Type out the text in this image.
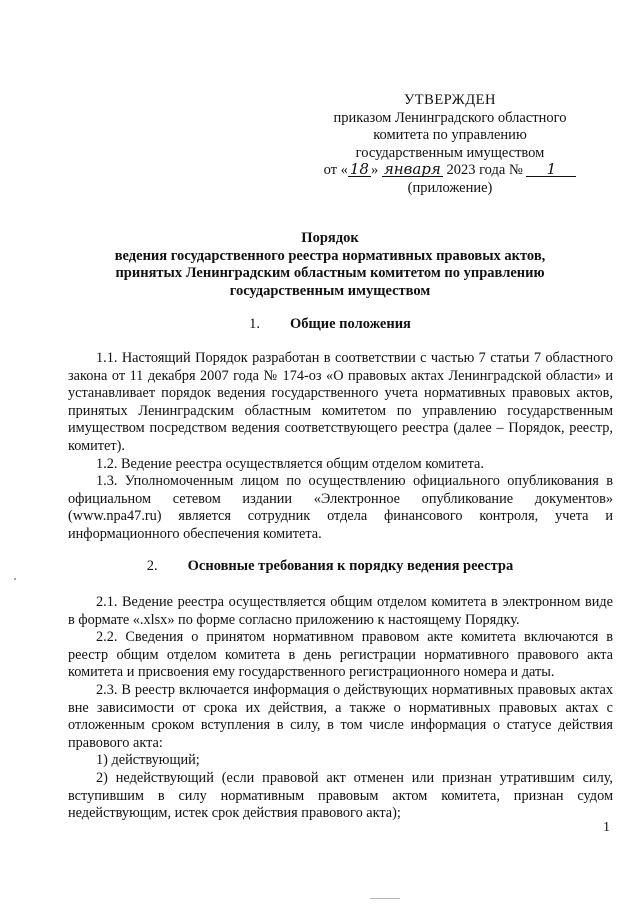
УТВЕРЖДЕН
приказом Ленинградского областного
комитета по управлению
государственным имуществом
от « 18 » января 2023 года № 1
(приложение)
Порядок
ведения государственного реестра нормативных правовых актов,
принятых Ленинградским областным комитетом по управлению
государственным имуществом
1. Общие положения

1.1. Настоящий Порядок разработан в соответствии с частью 7 статьи 7 областного закона от 11 декабря 2007 года № 174-оз «О правовых актах Ленинградской области» и устанавливает порядок ведения государственного учета нормативных правовых актов, принятых Ленинградским областным комитетом по управлению государственным имуществом посредством ведения соответствующего реестра (далее – Порядок, реестр, комитет).

1.2. Ведение реестра осуществляется общим отделом комитета.

1.3. Уполномоченным лицом по осуществлению официального опубликования в официальном сетевом издании «Электронное опубликование документов» (www.npa47.ru) является сотрудник отдела финансового контроля, учета и информационного обеспечения комитета.

2. Основные требования к порядку ведения реестра

2.1. Ведение реестра осуществляется общим отделом комитета в электронном виде в формате «.xlsx» по форме согласно приложению к настоящему Порядку.

2.2. Сведения о принятом нормативном правовом акте комитета включаются в реестр общим отделом комитета в день регистрации нормативного правового акта комитета и присвоения ему государственного регистрационного номера и даты.

2.3. В реестр включается информация о действующих нормативных правовых актах вне зависимости от срока их действия, а также о нормативных правовых актах с отложенным сроком вступления в силу, в том числе информация о статусе действия правового акта:

1) действующий;

2) недействующий (если правовой акт отменен или признан утратившим силу, вступившим в силу нормативным правовым актом комитета, признан судом недействующим, истек срок действия правового акта);

1
